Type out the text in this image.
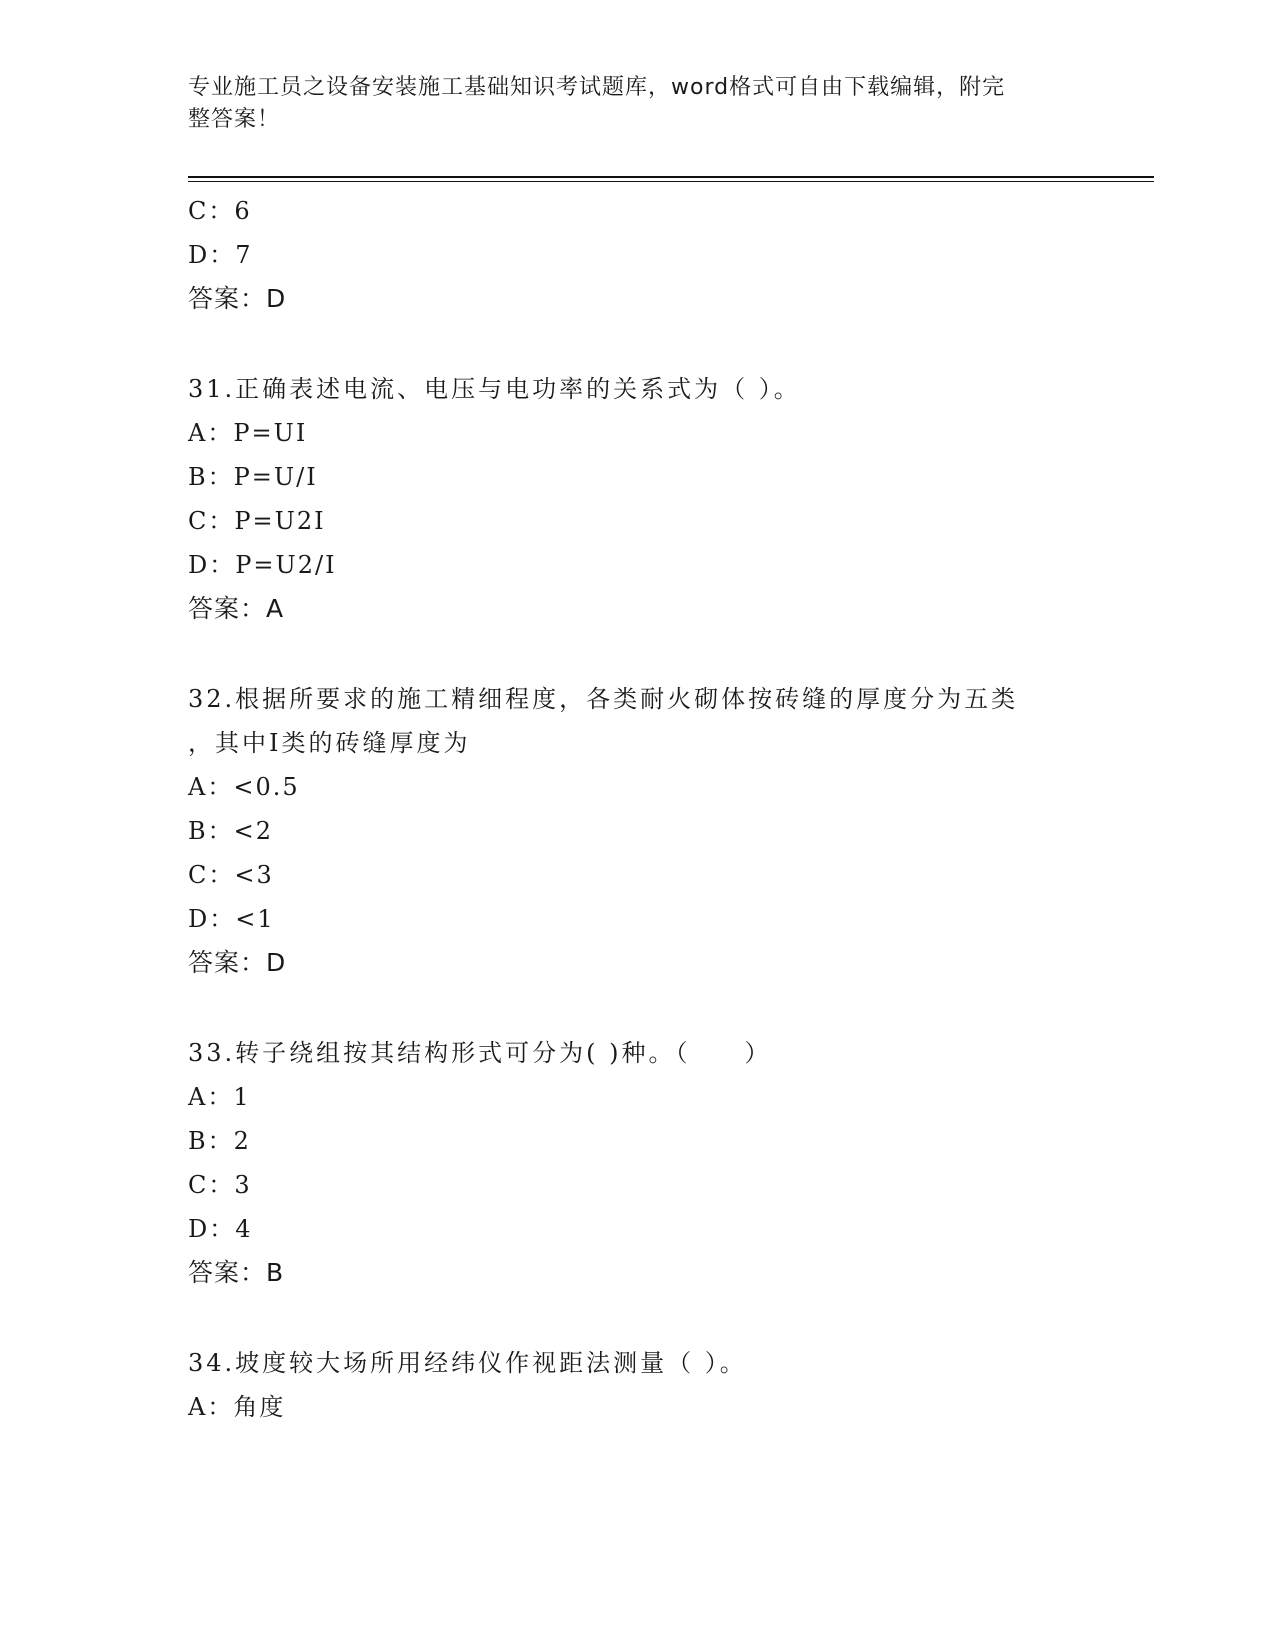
专业施工员之设备安装施工基础知识考试题库，word格式可自由下载编辑，附完
整答案！
C：6
D：7
答案：D
31.正确表述电流、电压与电功率的关系式为（ ）。
A：P=UI
B：P=U/I
C：P=U2I
D：P=U2/I
答案：A
32.根据所要求的施工精细程度，各类耐火砌体按砖缝的厚度分为五类
，其中Ⅰ类的砖缝厚度为
A：<0.5
B：<2
C：<3
D：<1
答案：D
33.转子绕组按其结构形式可分为( )种。（　　）
A：1
B：2
C：3
D：4
答案：B
34.坡度较大场所用经纬仪作视距法测量（ ）。
A：角度
